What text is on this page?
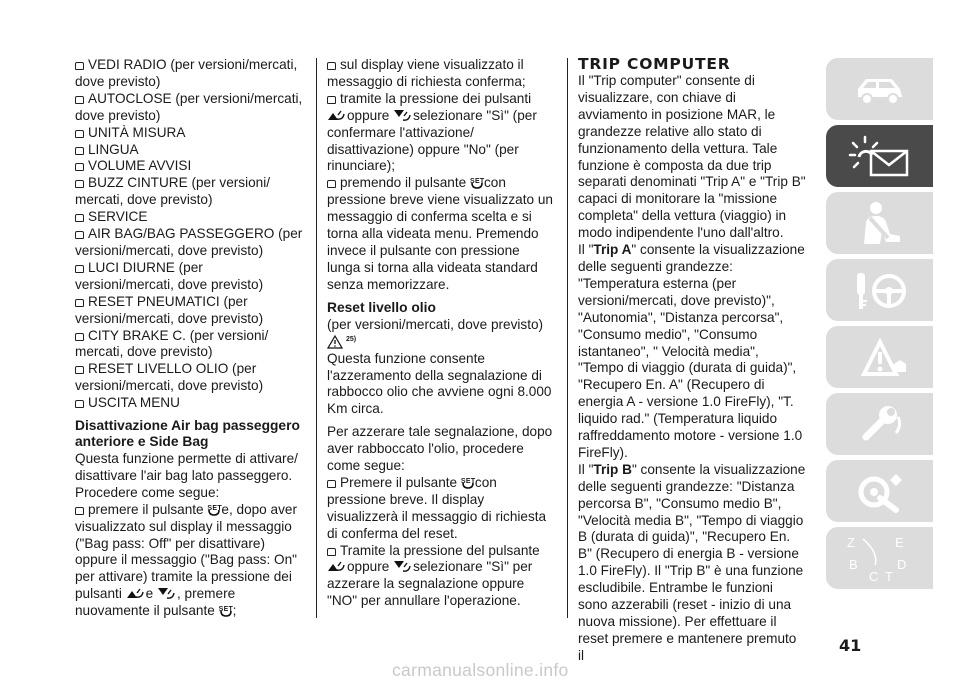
VEDI RADIO (per versioni/mercati, dove previsto)

AUTOCLOSE (per versioni/mercati, dove previsto)

UNITÀ MISURA

LINGUA

VOLUME AVVISI

BUZZ CINTURE (per versioni/ mercati, dove previsto)

SERVICE

AIR BAG/BAG PASSEGGERO (per versioni/mercati, dove previsto)

LUCI DIURNE (per versioni/mercati, dove previsto)

RESET PNEUMATICI (per versioni/mercati, dove previsto)

CITY BRAKE C. (per versioni/ mercati, dove previsto)

RESET LIVELLO OLIO (per versioni/mercati, dove previsto)

USCITA MENU

Disattivazione Air bag passeggero anteriore e Side Bag

Questa funzione permette di attivare/ disattivare l'air bag lato passeggero. Procedere come segue:

premere il pulsante SET e, dopo aver visualizzato sul display il messaggio ("Bag pass: Off" per disattivare) oppure il messaggio ("Bag pass: On" per attivare) tramite la pressione dei pulsanti e , premere nuovamente il pulsante SET ;

sul display viene visualizzato il messaggio di richiesta conferma;

tramite la pressione dei pulsanti oppure selezionare "Sì" (per confermare l'attivazione/ disattivazione) oppure "No" (per rinunciare);

premendo il pulsante SET con pressione breve viene visualizzato un messaggio di conferma scelta e si torna alla videata menu. Premendo invece il pulsante con pressione lunga si torna alla videata standard senza memorizzare.

Reset livello olio

(per versioni/mercati, dove previsto)

25)

Questa funzione consente l'azzeramento della segnalazione di rabbocco olio che avviene ogni 8.000 Km circa.

Per azzerare tale segnalazione, dopo aver rabboccato l'olio, procedere come segue:

Premere il pulsante SET con pressione breve. Il display visualizzerà il messaggio di richiesta di conferma del reset.

Tramite la pressione del pulsante oppure selezionare "Sì" per azzerare la segnalazione oppure "NO" per annullare l'operazione.

TRIP COMPUTER

Il "Trip computer" consente di visualizzare, con chiave di avviamento in posizione MAR, le grandezze relative allo stato di funzionamento della vettura. Tale funzione è composta da due trip separati denominati "Trip A" e "Trip B" capaci di monitorare la "missione completa" della vettura (viaggio) in modo indipendente l'uno dall'altro.

Il "Trip A" consente la visualizzazione delle seguenti grandezze: "Temperatura esterna (per versioni/mercati, dove previsto)", "Autonomia", "Distanza percorsa", "Consumo medio", "Consumo istantaneo", " Velocità media", "Tempo di viaggio (durata di guida)", "Recupero En. A" (Recupero di energia A - versione 1.0 FireFly), "T. liquido rad." (Temperatura liquido raffreddamento motore - versione 1.0 FireFly).

Il "Trip B" consente la visualizzazione delle seguenti grandezze: "Distanza percorsa B", "Consumo medio B", "Velocità media B", "Tempo di viaggio B (durata di guida)", "Recupero En. B" (Recupero di energia B - versione 1.0 FireFly). Il "Trip B" è una funzione escludibile. Entrambe le funzioni sono azzerabili (reset - inizio di una nuova missione). Per effettuare il reset premere e mantenere premuto il

Z	E
B	D
C T
41
carmanualsonline.info
